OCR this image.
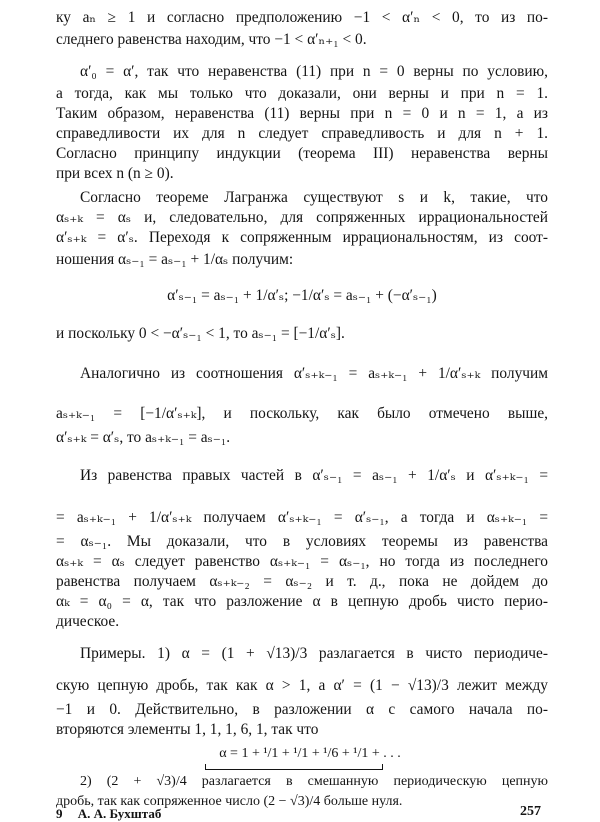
ку aₙ ≥ 1 и согласно предположению −1 < α′ₙ < 0, то из по-
следнего равенства находим, что −1 < α′ₙ₊₁ < 0.
α′₀ = α′, так что неравенства (11) при n = 0 верны по условию,
а тогда, как мы только что доказали, они верны и при n = 1.
Таким образом, неравенства (11) верны при n = 0 и n = 1, а из
справедливости их для n следует справедливость и для n + 1.
Согласно принципу индукции (теорема III) неравенства верны
при всех n (n ≥ 0).
Согласно теореме Лагранжа существуют s и k, такие, что
αₛ₊ₖ = αₛ и, следовательно, для сопряженных иррациональностей
α′ₛ₊ₖ = α′ₛ. Переходя к сопряженным иррациональностям, из соот-
ношения αₛ₋₁ = aₛ₋₁ + 1/αₛ получим:
α′ₛ₋₁ = aₛ₋₁ + 1/α′ₛ; −1/α′ₛ = aₛ₋₁ + (−α′ₛ₋₁)
и поскольку 0 < −α′ₛ₋₁ < 1, то aₛ₋₁ = [−1/α′ₛ].
Аналогично из соотношения α′ₛ₊ₖ₋₁ = aₛ₊ₖ₋₁ + 1/α′ₛ₊ₖ получим
aₛ₊ₖ₋₁ = [−1/α′ₛ₊ₖ], и поскольку, как было отмечено выше,
α′ₛ₊ₖ = α′ₛ, то aₛ₊ₖ₋₁ = aₛ₋₁.
Из равенства правых частей в α′ₛ₋₁ = aₛ₋₁ + 1/α′ₛ и α′ₛ₊ₖ₋₁ =
= aₛ₊ₖ₋₁ + 1/α′ₛ₊ₖ получаем α′ₛ₊ₖ₋₁ = α′ₛ₋₁, а тогда и αₛ₊ₖ₋₁ =
= αₛ₋₁. Мы доказали, что в условиях теоремы из равенства
αₛ₊ₖ = αₛ следует равенство αₛ₊ₖ₋₁ = αₛ₋₁, но тогда из последнего
равенства получаем αₛ₊ₖ₋₂ = αₛ₋₂ и т. д., пока не дойдем до
αₖ = α₀ = α, так что разложение α в цепную дробь чисто перио-
дическое.
Примеры. 1) α = (1 + √13)/3 разлагается в чисто периодиче-
скую цепную дробь, так как α > 1, а α′ = (1 − √13)/3 лежит между
−1 и 0. Действительно, в разложении α с самого начала по-
вторяются элементы 1, 1, 1, 6, 1, так что
α = 1 + ¹/1 + ¹/1 + ¹/6 + ¹/1 + . . .
2) (2 + √3)/4 разлагается в смешанную периодическую цепную
дробь, так как сопряженное число (2 − √3)/4 больше нуля.
9 А. А. Бухштаб	257
